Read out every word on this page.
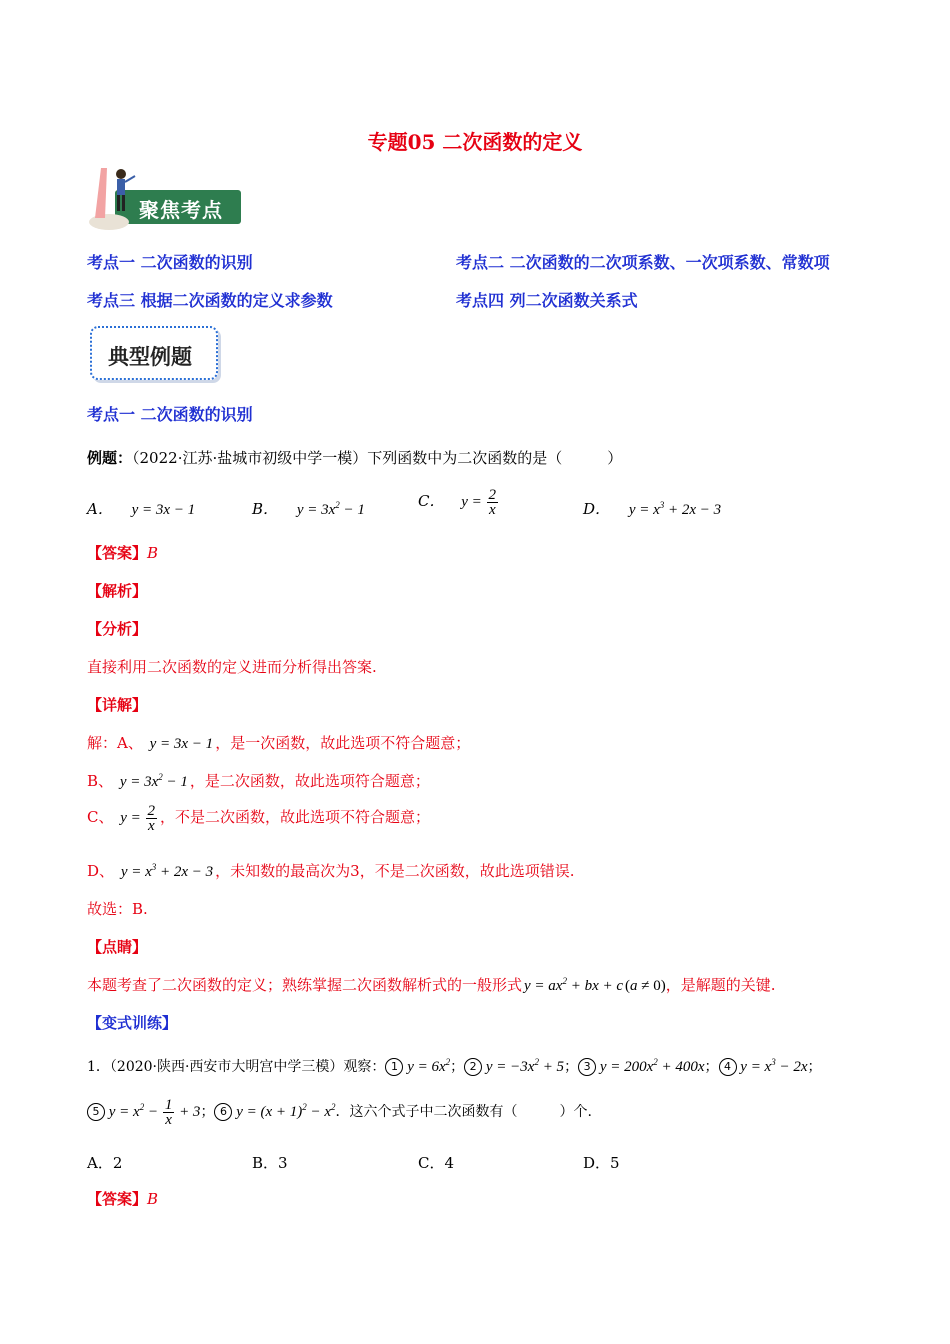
专题05 二次函数的定义
聚焦考点
考点一 二次函数的识别	考点二 二次函数的二次项系数、一次项系数、常数项
考点三 根据二次函数的定义求参数	考点四 列二次函数关系式
典型例题
考点一 二次函数的识别
例题：（2022·江苏·盐城市初级中学一模）下列函数中为二次函数的是（　　　）
A． y = 3x − 1	B． $y = 3x^2 - 1$
C． $y = \frac{2}{x}$	D． $y = x^3 + 2x - 3$
【答案】B
【解析】
【分析】
直接利用二次函数的定义进而分析得出答案.
【详解】
解：A、 y = 3x − 1 ，是一次函数，故此选项不符合题意；
B、 $y = 3x^2 - 1$ ，是二次函数，故此选项符合题意；
C、 $y = \frac{2}{x}$ ，不是二次函数，故此选项不符合题意；
D、 $y = x^3 + 2x - 3$ ，未知数的最高次为3，不是二次函数，故此选项错误.
故选：B.
【点睛】
本题考查了二次函数的定义；熟练掌握二次函数解析式的一般形式 $y = ax^2$ + bx + c (a ≠ 0)，是解题的关键.
【变式训练】
1．（2020·陕西·西安市大明宫中学三模）观察： 1 $y = 6x^2$； 2 $y = -3x^2 + 5$； 3 $y = 200x^2 + 400x$； 4 $y = x^3 - 2x$；
5 $y = x^2 - \frac{1}{x} + 3$； 6 $y = (x + 1)^2 - x^2$．这六个式子中二次函数有（　　　）个.
A．2	B．3	C．4	D．5
【答案】B
